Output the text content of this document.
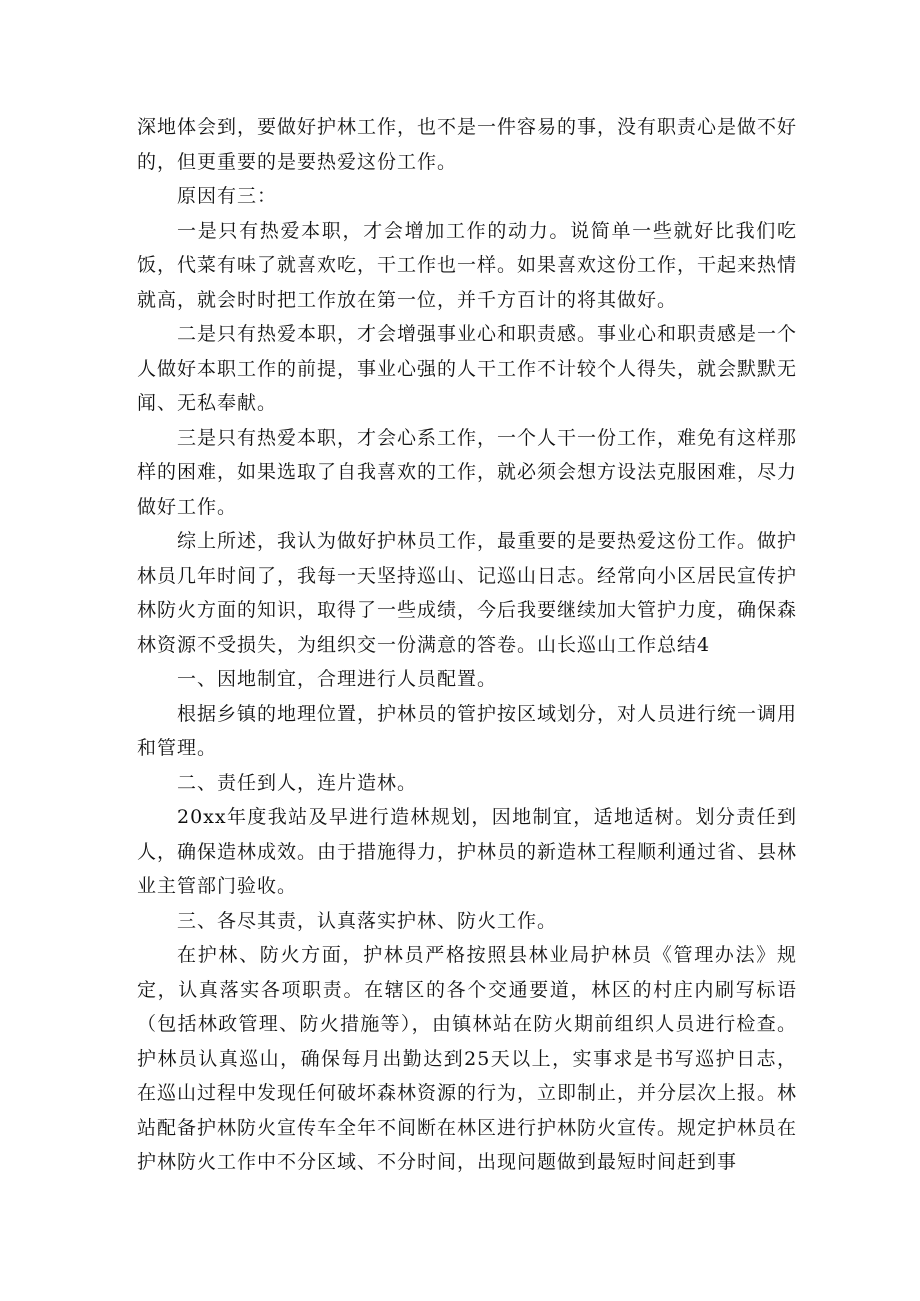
深地体会到，要做好护林工作，也不是一件容易的事，没有职责心是做不好的，但更重要的是要热爱这份工作。

原因有三：

一是只有热爱本职，才会增加工作的动力。说简单一些就好比我们吃饭，代菜有味了就喜欢吃，干工作也一样。如果喜欢这份工作，干起来热情就高，就会时时把工作放在第一位，并千方百计的将其做好。

二是只有热爱本职，才会增强事业心和职责感。事业心和职责感是一个人做好本职工作的前提，事业心强的人干工作不计较个人得失，就会默默无闻、无私奉献。

三是只有热爱本职，才会心系工作，一个人干一份工作，难免有这样那样的困难，如果选取了自我喜欢的工作，就必须会想方设法克服困难，尽力做好工作。

综上所述，我认为做好护林员工作，最重要的是要热爱这份工作。做护林员几年时间了，我每一天坚持巡山、记巡山日志。经常向小区居民宣传护林防火方面的知识，取得了一些成绩，今后我要继续加大管护力度，确保森林资源不受损失，为组织交一份满意的答卷。山长巡山工作总结4

一、因地制宜，合理进行人员配置。

根据乡镇的地理位置，护林员的管护按区域划分，对人员进行统一调用和管理。

二、责任到人，连片造林。

20xx年度我站及早进行造林规划，因地制宜，适地适树。划分责任到人，确保造林成效。由于措施得力，护林员的新造林工程顺利通过省、县林业主管部门验收。

三、各尽其责，认真落实护林、防火工作。

在护林、防火方面，护林员严格按照县林业局护林员《管理办法》规定，认真落实各项职责。在辖区的各个交通要道，林区的村庄内刷写标语（包括林政管理、防火措施等），由镇林站在防火期前组织人员进行检查。护林员认真巡山，确保每月出勤达到25天以上，实事求是书写巡护日志，在巡山过程中发现任何破坏森林资源的行为，立即制止，并分层次上报。林站配备护林防火宣传车全年不间断在林区进行护林防火宣传。规定护林员在护林防火工作中不分区域、不分时间，出现问题做到最短时间赶到事
